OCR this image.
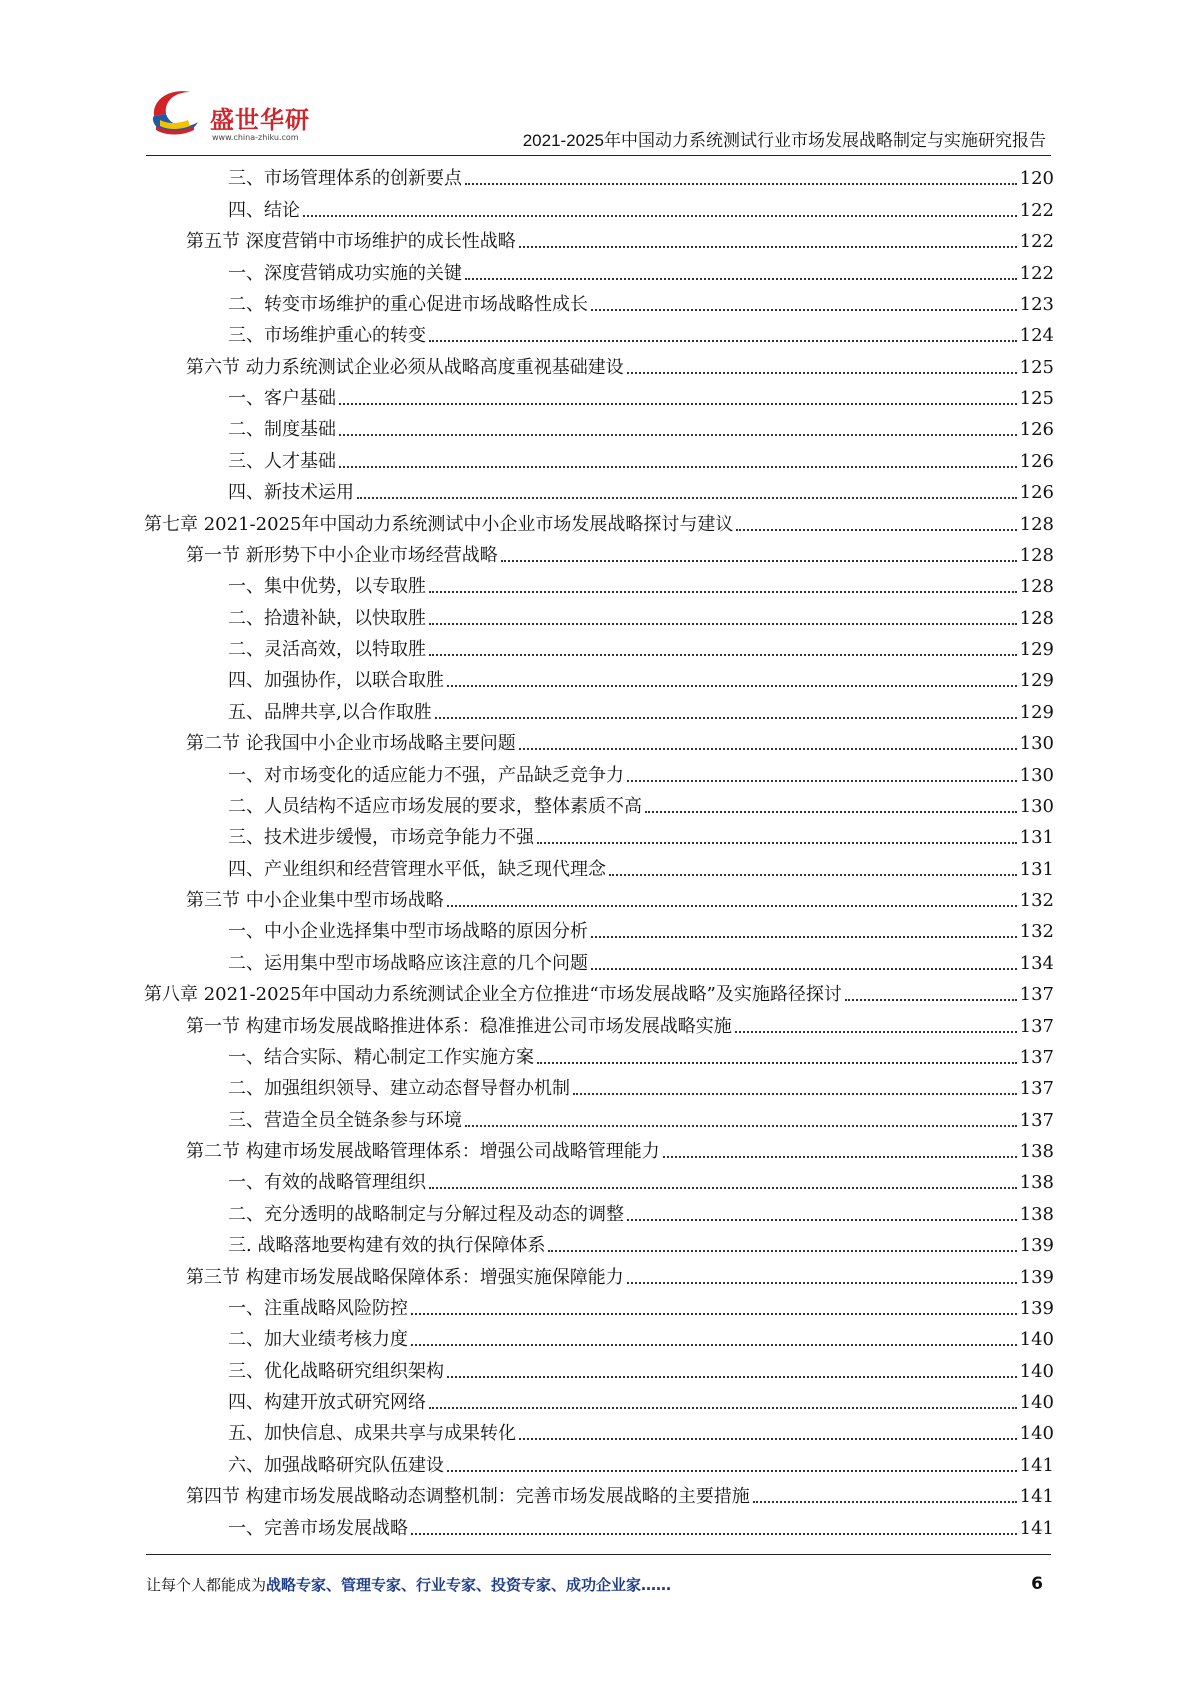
盛世华研
www.china-zhiku.com	2021-2025年中国动力系统测试行业市场发展战略制定与实施研究报告
三、市场管理体系的创新要点	120
四、结论	122
第五节 深度营销中市场维护的成长性战略	122
一、深度营销成功实施的关键	122
二、转变市场维护的重心促进市场战略性成长	123
三、市场维护重心的转变	124
第六节 动力系统测试企业必须从战略高度重视基础建设	125
一、客户基础	125
二、制度基础	126
三、人才基础	126
四、新技术运用	126
第七章 2021-2025年中国动力系统测试中小企业市场发展战略探讨与建议	128
第一节 新形势下中小企业市场经营战略	128
一、集中优势，以专取胜	128
二、拾遗补缺，以快取胜	128
二、灵活高效，以特取胜	129
四、加强协作，以联合取胜	129
五、品牌共享,以合作取胜	129
第二节 论我国中小企业市场战略主要问题	130
一、对市场变化的适应能力不强，产品缺乏竞争力	130
二、人员结构不适应市场发展的要求，整体素质不高	130
三、技术进步缓慢，市场竞争能力不强	131
四、产业组织和经营管理水平低，缺乏现代理念	131
第三节 中小企业集中型市场战略	132
一、中小企业选择集中型市场战略的原因分析	132
二、运用集中型市场战略应该注意的几个问题	134
第八章 2021-2025年中国动力系统测试企业全方位推进“市场发展战略”及实施路径探讨	137
第一节 构建市场发展战略推进体系：稳准推进公司市场发展战略实施	137
一、结合实际、精心制定工作实施方案	137
二、加强组织领导、建立动态督导督办机制	137
三、营造全员全链条参与环境	137
第二节 构建市场发展战略管理体系：增强公司战略管理能力	138
一、有效的战略管理组织	138
二、充分透明的战略制定与分解过程及动态的调整	138
三. 战略落地要构建有效的执行保障体系	139
第三节 构建市场发展战略保障体系：增强实施保障能力	139
一、注重战略风险防控	139
二、加大业绩考核力度	140
三、优化战略研究组织架构	140
四、构建开放式研究网络	140
五、加快信息、成果共享与成果转化	140
六、加强战略研究队伍建设	141
第四节 构建市场发展战略动态调整机制：完善市场发展战略的主要措施	141
一、完善市场发展战略	141
让每个人都能成为战略专家、管理专家、行业专家、投资专家、成功企业家……	6
